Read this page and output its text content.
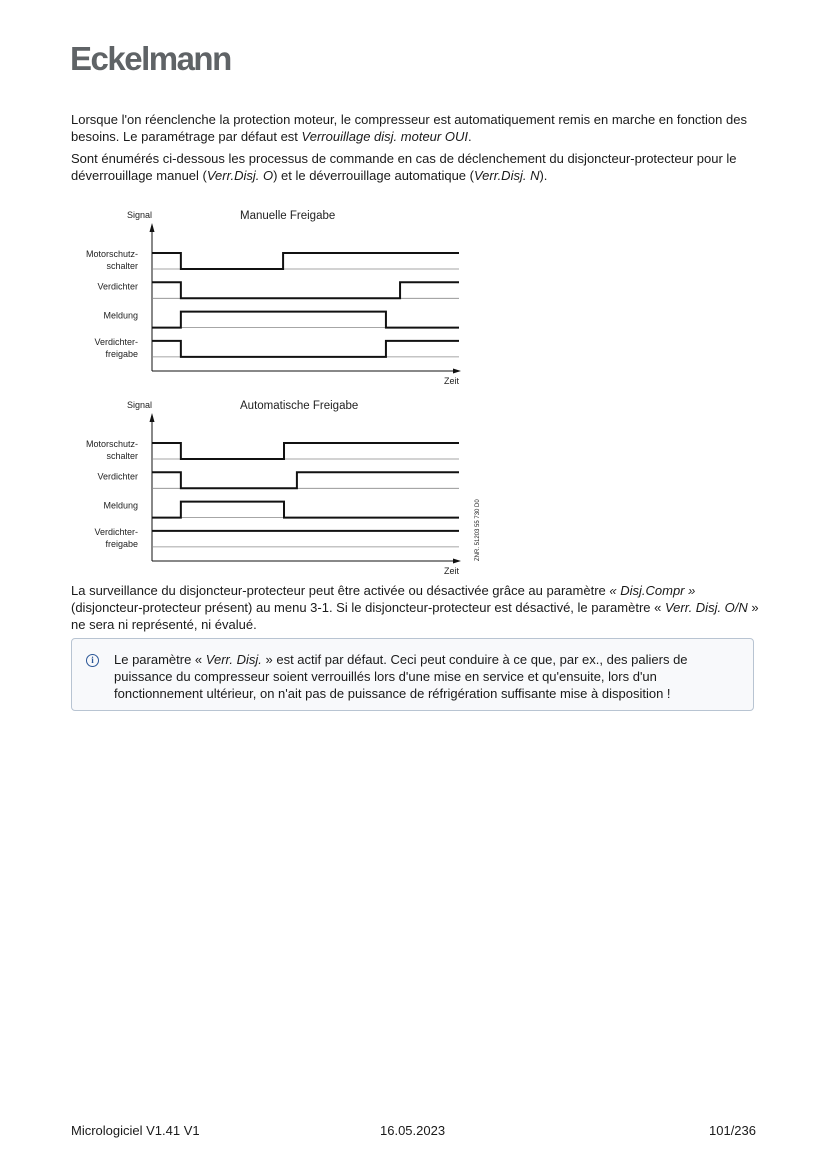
Eckelmann
Lorsque l'on réenclenche la protection moteur, le compresseur est automatiquement remis en marche en fonction des besoins. Le paramétrage par défaut est Verrouillage disj. moteur OUI.
Sont énumérés ci-dessous les processus de commande en cas de déclenchement du disjoncteur-protecteur pour le déverrouillage manuel (Verr.Disj. O) et le déverrouillage automatique (Verr.Disj. N).
Signal	Manuelle Freigabe
Zeit
Motorschutz-
schalter
Verdichter
Meldung
Verdichter-
freigabe
Signal	Automatische Freigabe
Zeit
Motorschutz-
schalter
Verdichter
Meldung
Verdichter-
freigabe	ZNR. 51203 55 730 D0
La surveillance du disjoncteur-protecteur peut être activée ou désactivée grâce au paramètre « Disj.Compr » (disjoncteur-protecteur présent) au menu 3-1. Si le disjoncteur-protecteur est désactivé, le paramètre « Verr. Disj. O/N » ne sera ni représenté, ni évalué.
i	Le paramètre « Verr. Disj. » est actif par défaut. Ceci peut conduire à ce que, par ex., des paliers de puissance du compresseur soient verrouillés lors d'une mise en service et qu'ensuite, lors d'un fonctionnement ultérieur, on n'ait pas de puissance de réfrigération suffisante mise à disposition !
Micrologiciel V1.41 V1	16.05.2023	101/236
